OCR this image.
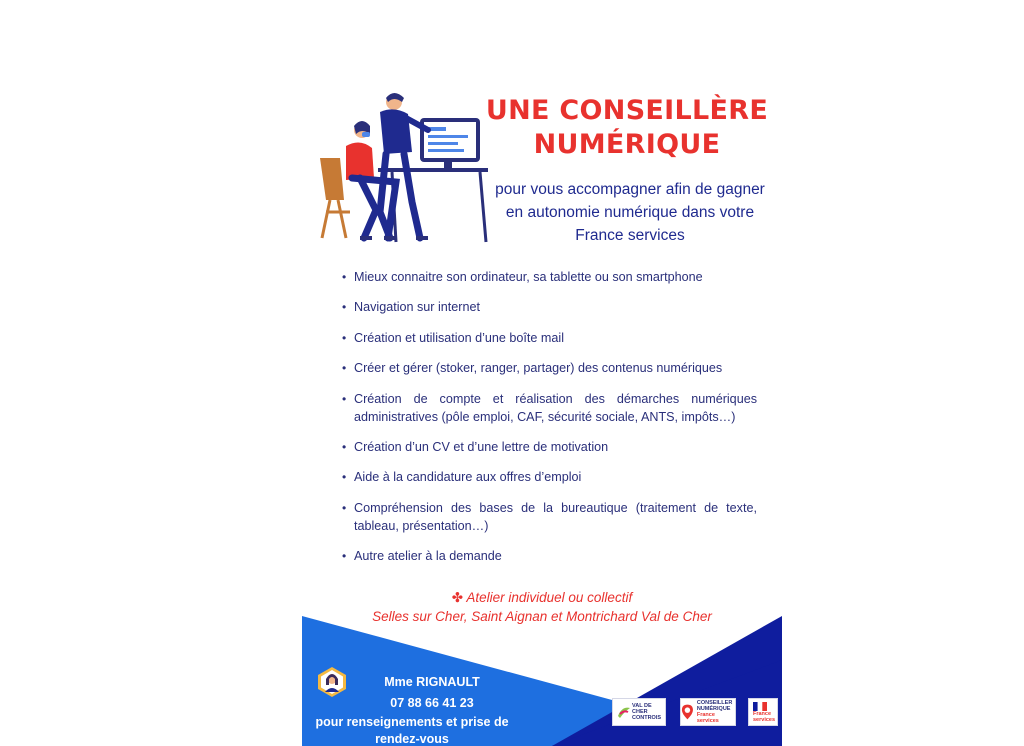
UNE CONSEILLÈRE
NUMÉRIQUE
pour vous accompagner afin de gagner
en autonomie numérique dans votre
France services
• Mieux connaitre son ordinateur, sa tablette ou son smartphone
• Navigation sur internet
• Création et utilisation d’une boîte mail
• Créer et gérer (stoker, ranger, partager) des contenus numériques
• Création de compte et réalisation des démarches numériques administratives (pôle emploi, CAF, sécurité sociale, ANTS, impôts…)
• Création d’un CV et d’une lettre de motivation
• Aide à la candidature aux offres d’emploi
• Compréhension des bases de la bureautique (traitement de texte, tableau, présentation…)
• Autre atelier à la demande
✤ Atelier individuel ou collectif
Selles sur Cher, Saint Aignan et Montrichard Val de Cher
Mme RIGNAULT
07 88 66 41 23
pour renseignements et prise de
rendez-vous
VAL DE CHER CONTROIS
CONSEILLER
NUMÉRIQUE
France services
France services
